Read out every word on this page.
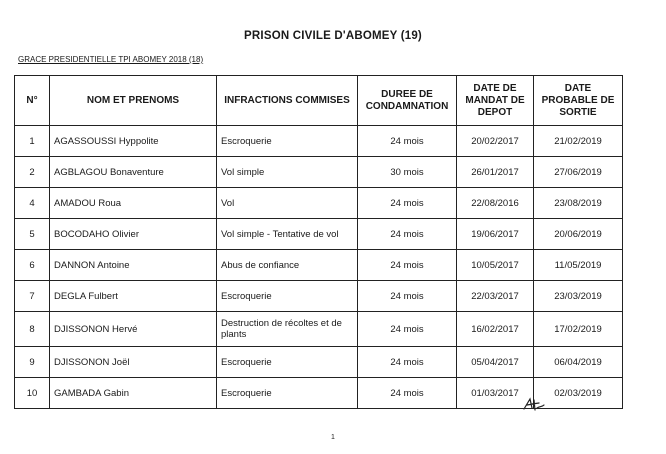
PRISON CIVILE D'ABOMEY (19)
GRACE PRESIDENTIELLE TPI ABOMEY 2018 (18)
N°	NOM ET PRENOMS	INFRACTIONS COMMISES	DUREE DE CONDAMNATION	DATE DE MANDAT DE DEPOT	DATE PROBABLE DE SORTIE
1	AGASSOUSSI Hyppolite	Escroquerie	24 mois	20/02/2017	21/02/2019
2	AGBLAGOU Bonaventure	Vol simple	30 mois	26/01/2017	27/06/2019
4	AMADOU Roua	Vol	24 mois	22/08/2016	23/08/2019
5	BOCODAHO Olivier	Vol simple - Tentative de vol	24 mois	19/06/2017	20/06/2019
6	DANNON Antoine	Abus de confiance	24 mois	10/05/2017	11/05/2019
7	DEGLA Fulbert	Escroquerie	24 mois	22/03/2017	23/03/2019
8	DJISSONON Hervé	Destruction de récoltes et de plants	24 mois	16/02/2017	17/02/2019
9	DJISSONON Joël	Escroquerie	24 mois	05/04/2017	06/04/2019
10	GAMBADA Gabin	Escroquerie	24 mois	01/03/2017	02/03/2019
1
